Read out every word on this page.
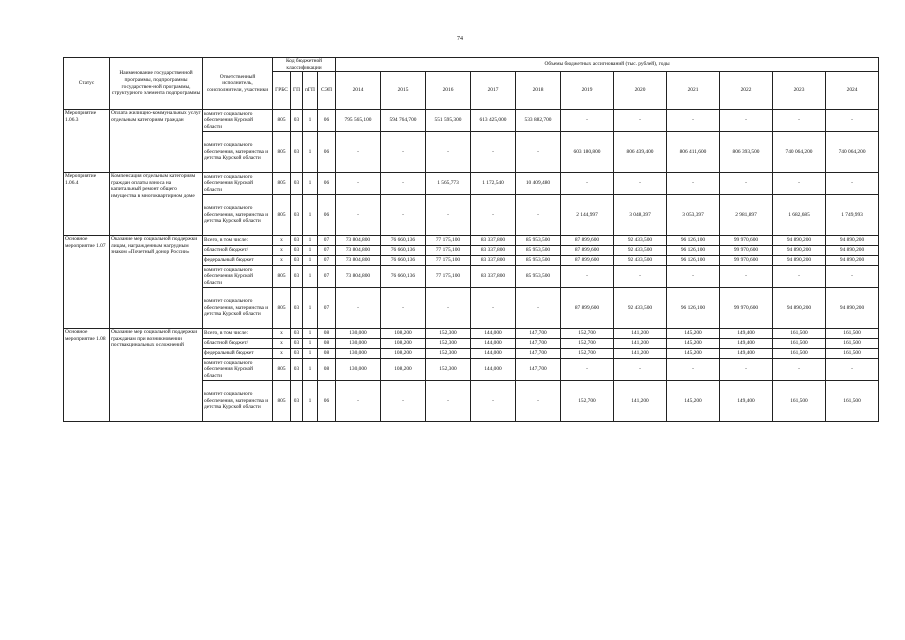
74
Статус	Наименование государственной программы, подпрограммы государствен-ной программы, структурного элемента подпрограммы	Ответственный исполнитель, соисполнители, участники	Код бюджетной классификации				Объемы бюджетных ассигнований (тыс. рублей), годы										
			ГРБС	ГП	пГП	СЭП	2014	2015	2016	2017	2018	2019	2020	2021	2022	2023	2024
Мероприятие 1.06.3	Оплата жилищно-коммунальных услуг отдельным категориям граждан	комитет социального обеспечения Курской области	805	03	1	06	795 565,100	594 764,700	551 595,300	613 425,000	533 882,700	-	-	-	-	-	-
		комитет социального обеспечения, материнства и детства Курской области	805	03	1	06	-	-	-	-	-	603 180,800	806 439,400	806 411,600	806 393,500	740 064,200	740 064,200
Мероприятие 1.06.4	Компенсация отдельным категориям граждан оплаты взноса на капитальный ремонт общего имущества в многоквартирном доме	комитет социального обеспечения Курской области	805	03	1	06	-	-	1 565,773	1 172,540	10 409,480	-	-	-	-	-	-
		комитет социального обеспечения, материнства и детства Курской области	805	03	1	06	-	-	-	-	-	2 144,997	3 048,397	3 053,397	2 981,897	1 682,685	1 749,993
Основное мероприятие 1.07	Оказание мер социальной поддержки лицам, награжденным нагрудным знаком «Почетный донор России»	Всего, в том числе:	х	03	1	07	73 804,800	76 660,136	77 175,100	83 337,800	85 953,500	87 899,600	92 433,500	96 126,100	99 970,600	94 890,200	94 890,200
		областной бюджет/	х	03	1	07	73 804,800	76 660,136	77 175,100	83 337,800	85 953,500	87 899,600	92 433,500	96 126,100	99 970,600	94 890,200	94 890,200
		федеральный бюджет	х	03	1	07	73 804,800	76 660,136	77 175,100	83 337,800	85 953,500	87 899,600	92 433,500	96 126,100	99 970,600	94 890,200	94 890,200
		комитет социального обеспечения Курской области	805	03	1	07	73 804,800	76 660,136	77 175,100	83 337,800	85 953,500	-	-	-	-	-	-
		комитет социального обеспечения, материнства и детства Курской области	805	03	1	07	-	-	-	-	-	87 899,600	92 433,500	96 126,100	99 970,600	94 890,200	94 890,200
Основное мероприятие 1.08	Оказание мер социальной поддержки гражданам при возникновении поствакцинальных осложнений	Всего, в том числе:	х	03	1	08	130,000	108,200	152,300	144,000	147,700	152,700	141,200	145,200	149,400	161,500	161,500
		областной бюджет/	х	03	1	08	130,000	108,200	152,300	144,000	147,700	152,700	141,200	145,200	149,400	161,500	161,500
		федеральный бюджет	х	03	1	08	130,000	108,200	152,300	144,000	147,700	152,700	141,200	145,200	149,400	161,500	161,500
		комитет социального обеспечения Курской области	805	03	1	08	130,000	108,200	152,300	144,000	147,700	-	-	-	-	-	-
		комитет социального обеспечения, материнства и детства Курской области	805	03	1	06	-	-	-	-	-	152,700	141,200	145,200	149,400	161,500	161,500
